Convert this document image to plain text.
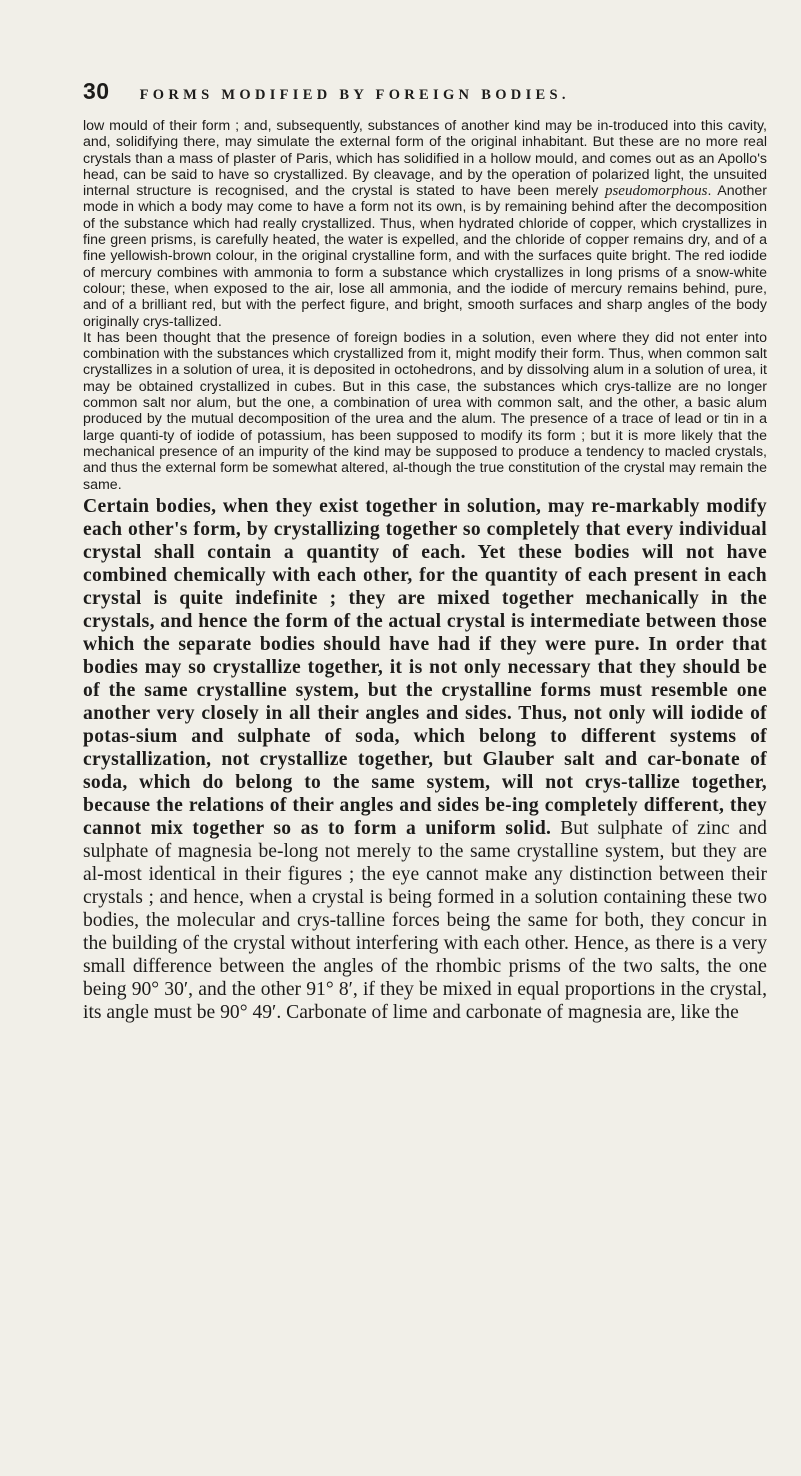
30 FORMS MODIFIED BY FOREIGN BODIES.

low mould of their form ; and, subsequently, substances of another kind may be in-troduced into this cavity, and, solidifying there, may simulate the external form of the original inhabitant. But these are no more real crystals than a mass of plaster of Paris, which has solidified in a hollow mould, and comes out as an Apollo's head, can be said to have so crystallized. By cleavage, and by the operation of polarized light, the unsuited internal structure is recognised, and the crystal is stated to have been merely pseudomorphous. Another mode in which a body may come to have a form not its own, is by remaining behind after the decomposition of the substance which had really crystallized. Thus, when hydrated chloride of copper, which crystallizes in fine green prisms, is carefully heated, the water is expelled, and the chloride of copper remains dry, and of a fine yellowish-brown colour, in the original crystalline form, and with the surfaces quite bright. The red iodide of mercury combines with ammonia to form a substance which crystallizes in long prisms of a snow-white colour; these, when exposed to the air, lose all ammonia, and the iodide of mercury remains behind, pure, and of a brilliant red, but with the perfect figure, and bright, smooth surfaces and sharp angles of the body originally crys-tallized.

It has been thought that the presence of foreign bodies in a solution, even where they did not enter into combination with the substances which crystallized from it, might modify their form. Thus, when common salt crystallizes in a solution of urea, it is deposited in octohedrons, and by dissolving alum in a solution of urea, it may be obtained crystallized in cubes. But in this case, the substances which crys-tallize are no longer common salt nor alum, but the one, a combination of urea with common salt, and the other, a basic alum produced by the mutual decomposition of the urea and the alum. The presence of a trace of lead or tin in a large quanti-ty of iodide of potassium, has been supposed to modify its form ; but it is more likely that the mechanical presence of an impurity of the kind may be supposed to produce a tendency to macled crystals, and thus the external form be somewhat altered, al-though the true constitution of the crystal may remain the same.

Certain bodies, when they exist together in solution, may re-markably modify each other's form, by crystallizing together so completely that every individual crystal shall contain a quantity of each. Yet these bodies will not have combined chemically with each other, for the quantity of each present in each crystal is quite indefinite ; they are mixed together mechanically in the crystals, and hence the form of the actual crystal is intermediate between those which the separate bodies should have had if they were pure. In order that bodies may so crystallize together, it is not only necessary that they should be of the same crystalline system, but the crystalline forms must resemble one another very closely in all their angles and sides. Thus, not only will iodide of potas-sium and sulphate of soda, which belong to different systems of crystallization, not crystallize together, but Glauber salt and car-bonate of soda, which do belong to the same system, will not crys-tallize together, because the relations of their angles and sides be-ing completely different, they cannot mix together so as to form a uniform solid. But sulphate of zinc and sulphate of magnesia be-long not merely to the same crystalline system, but they are al-most identical in their figures ; the eye cannot make any distinction between their crystals ; and hence, when a crystal is being formed in a solution containing these two bodies, the molecular and crys-talline forces being the same for both, they concur in the building of the crystal without interfering with each other. Hence, as there is a very small difference between the angles of the rhombic prisms of the two salts, the one being 90° 30′, and the other 91° 8′, if they be mixed in equal proportions in the crystal, its angle must be 90° 49′. Carbonate of lime and carbonate of magnesia are, like the
